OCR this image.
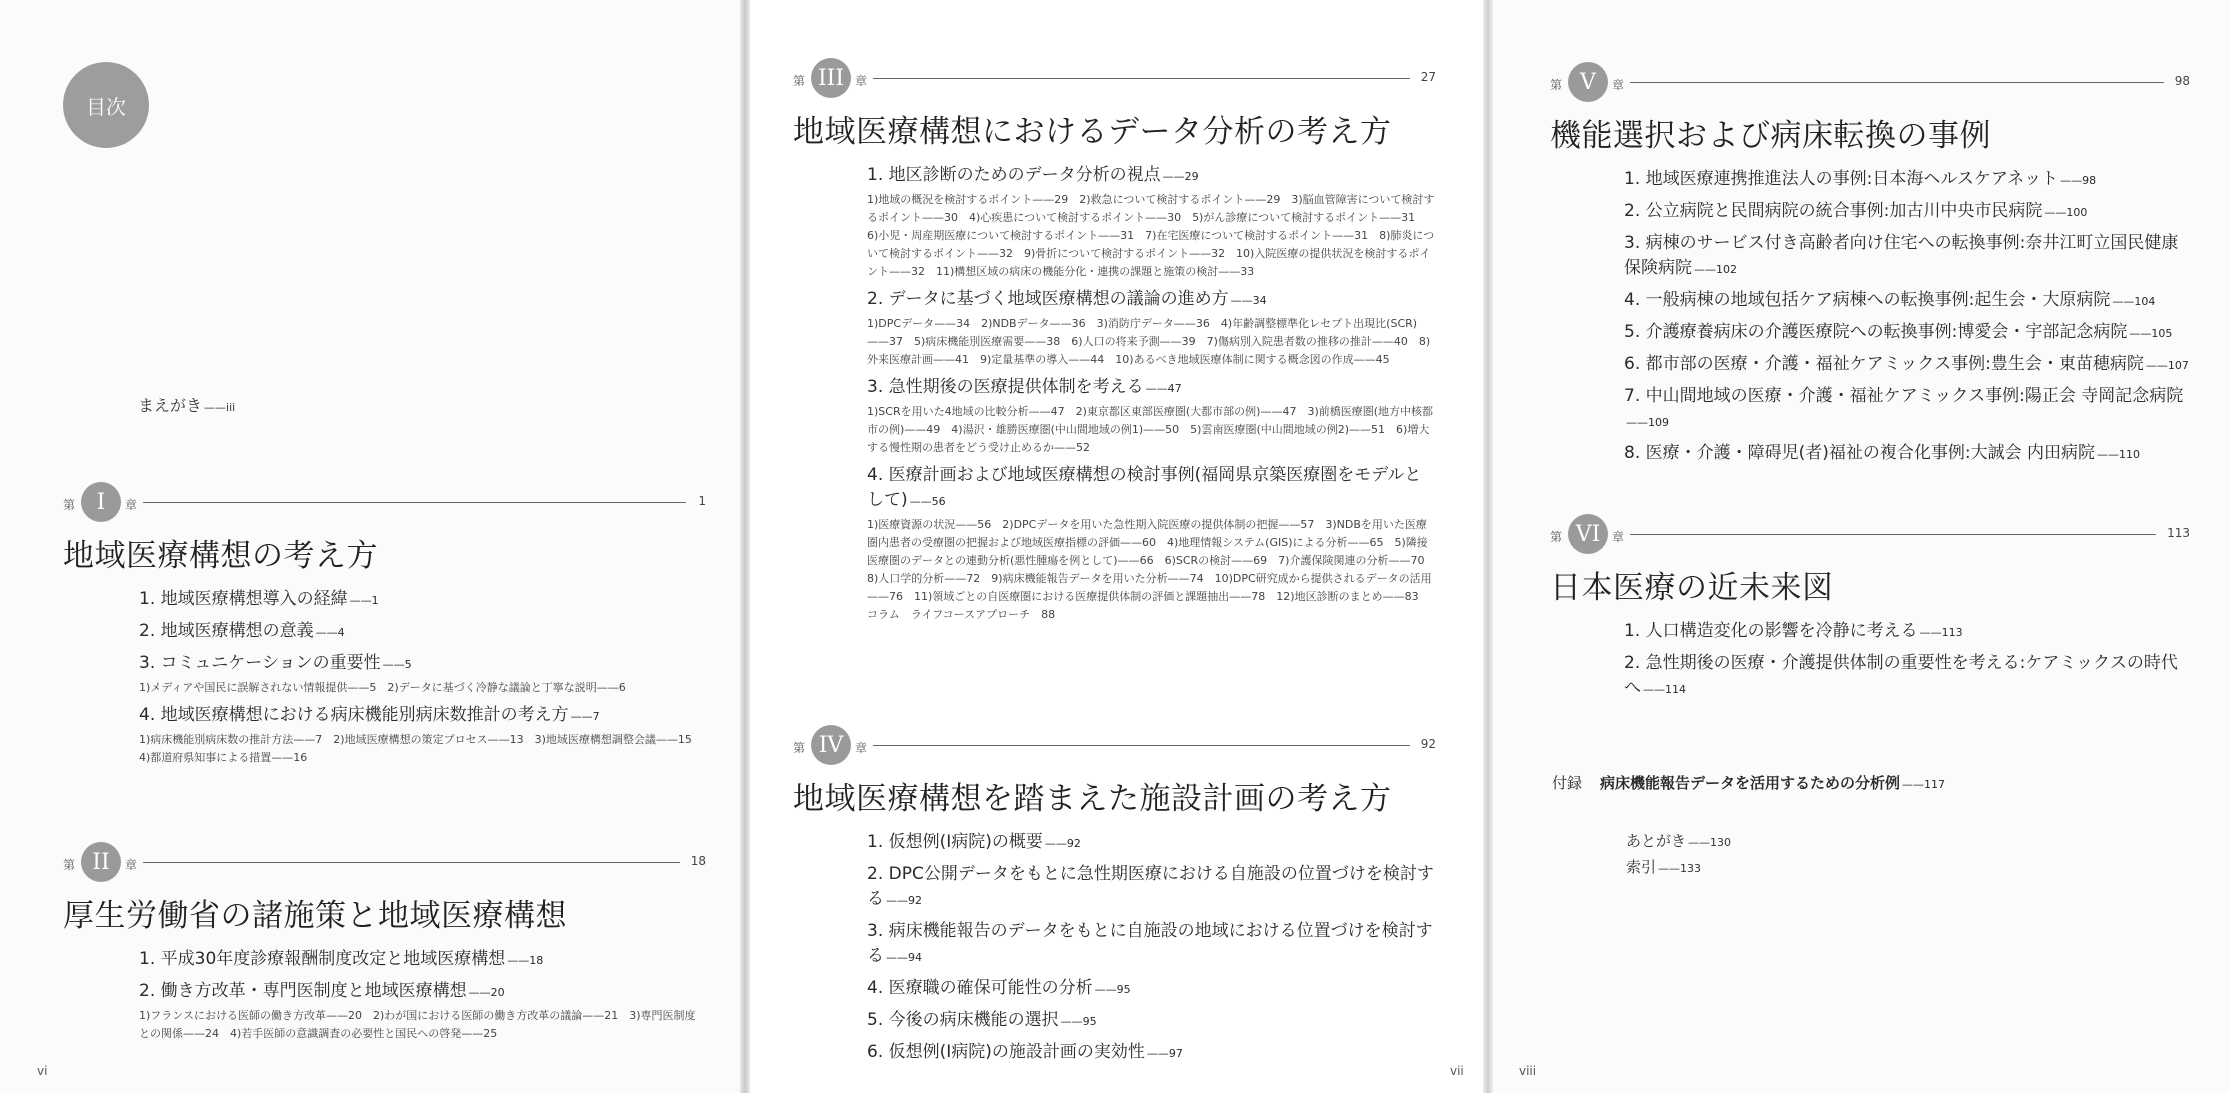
目次
まえがき ——iii
第 I 章	1
地域医療構想の考え方
1. 地域医療構想導入の経緯 ——1
2. 地域医療構想の意義 ——4
3. コミュニケーションの重要性 ——5
1)メディアや国民に誤解されない情報提供——5　2)データに基づく冷静な議論と丁寧な説明——6
4. 地域医療構想における病床機能別病床数推計の考え方 ——7
1)病床機能別病床数の推計方法——7　2)地域医療構想の策定プロセス——13　3)地域医療構想調整会議——15　4)都道府県知事による措置——16
第 II 章	18
厚生労働省の諸施策と地域医療構想
1. 平成30年度診療報酬制度改定と地域医療構想 ——18
2. 働き方改革・専門医制度と地域医療構想 ——20
1)フランスにおける医師の働き方改革——20　2)わが国における医師の働き方改革の議論——21　3)専門医制度との関係——24　4)若手医師の意識調査の必要性と国民への啓発——25
第 III 章	27
地域医療構想におけるデータ分析の考え方
1. 地区診断のためのデータ分析の視点 ——29
1)地域の概況を検討するポイント——29　2)救急について検討するポイント——29　3)脳血管障害について検討するポイント——30　4)心疾患について検討するポイント——30　5)がん診療について検討するポイント——31　6)小児・周産期医療について検討するポイント——31　7)在宅医療について検討するポイント——31　8)肺炎について検討するポイント——32　9)骨折について検討するポイント——32　10)入院医療の提供状況を検討するポイント——32　11)構想区域の病床の機能分化・連携の課題と施策の検討——33
2. データに基づく地域医療構想の議論の進め方 ——34
1)DPCデータ——34　2)NDBデータ——36　3)消防庁データ——36　4)年齢調整標準化レセプト出現比(SCR)——37　5)病床機能別医療需要——38　6)人口の将来予測——39　7)傷病別入院患者数の推移の推計——40　8)外来医療計画——41　9)定量基準の導入——44　10)あるべき地域医療体制に関する概念図の作成——45
3. 急性期後の医療提供体制を考える ——47
1)SCRを用いた4地域の比較分析——47　2)東京都区東部医療圏(大都市部の例)——47　3)前橋医療圏(地方中核都市の例)——49　4)湯沢・雄勝医療圏(中山間地域の例1)——50　5)雲南医療圏(中山間地域の例2)——51　6)増大する慢性期の患者をどう受け止めるか——52
4. 医療計画および地域医療構想の検討事例(福岡県京築医療圏をモデルとして) ——56
1)医療資源の状況——56　2)DPCデータを用いた急性期入院医療の提供体制の把握——57　3)NDBを用いた医療圏内患者の受療圏の把握および地域医療指標の評価——60　4)地理情報システム(GIS)による分析——65　5)隣接医療圏のデータとの連動分析(悪性腫瘍を例として)——66　6)SCRの検討——69　7)介護保険関連の分析——70　8)人口学的分析——72　9)病床機能報告データを用いた分析——74　10)DPC研究成から提供されるデータの活用——76　11)領域ごとの自医療圏における医療提供体制の評価と課題抽出——78　12)地区診断のまとめ——83　コラム　ライフコースアプローチ　88
第 IV 章	92
地域医療構想を踏まえた施設計画の考え方
1. 仮想例(I病院)の概要 ——92
2. DPC公開データをもとに急性期医療における自施設の位置づけを検討する ——92
3. 病床機能報告のデータをもとに自施設の地域における位置づけを検討する ——94
4. 医療職の確保可能性の分析 ——95
5. 今後の病床機能の選択 ——95
6. 仮想例(I病院)の施設計画の実効性 ——97
第 V 章	98
機能選択および病床転換の事例
1. 地域医療連携推進法人の事例:日本海ヘルスケアネット ——98
2. 公立病院と民間病院の統合事例:加古川中央市民病院 ——100
3. 病棟のサービス付き高齢者向け住宅への転換事例:奈井江町立国民健康保険病院 ——102
4. 一般病棟の地域包括ケア病棟への転換事例:起生会・大原病院 ——104
5. 介護療養病床の介護医療院への転換事例:博愛会・宇部記念病院 ——105
6. 都市部の医療・介護・福祉ケアミックス事例:豊生会・東苗穂病院 ——107
7. 中山間地域の医療・介護・福祉ケアミックス事例:陽正会 寺岡記念病院——109
8. 医療・介護・障碍児(者)福祉の複合化事例:大誠会 内田病院 ——110
第 VI 章	113
日本医療の近未来図
1. 人口構造変化の影響を冷静に考える ——113
2. 急性期後の医療・介護提供体制の重要性を考える:ケアミックスの時代へ ——114
付録 病床機能報告データを活用するための分析例 ——117
あとがき ——130
索引 ——133
vi	vii	viii
